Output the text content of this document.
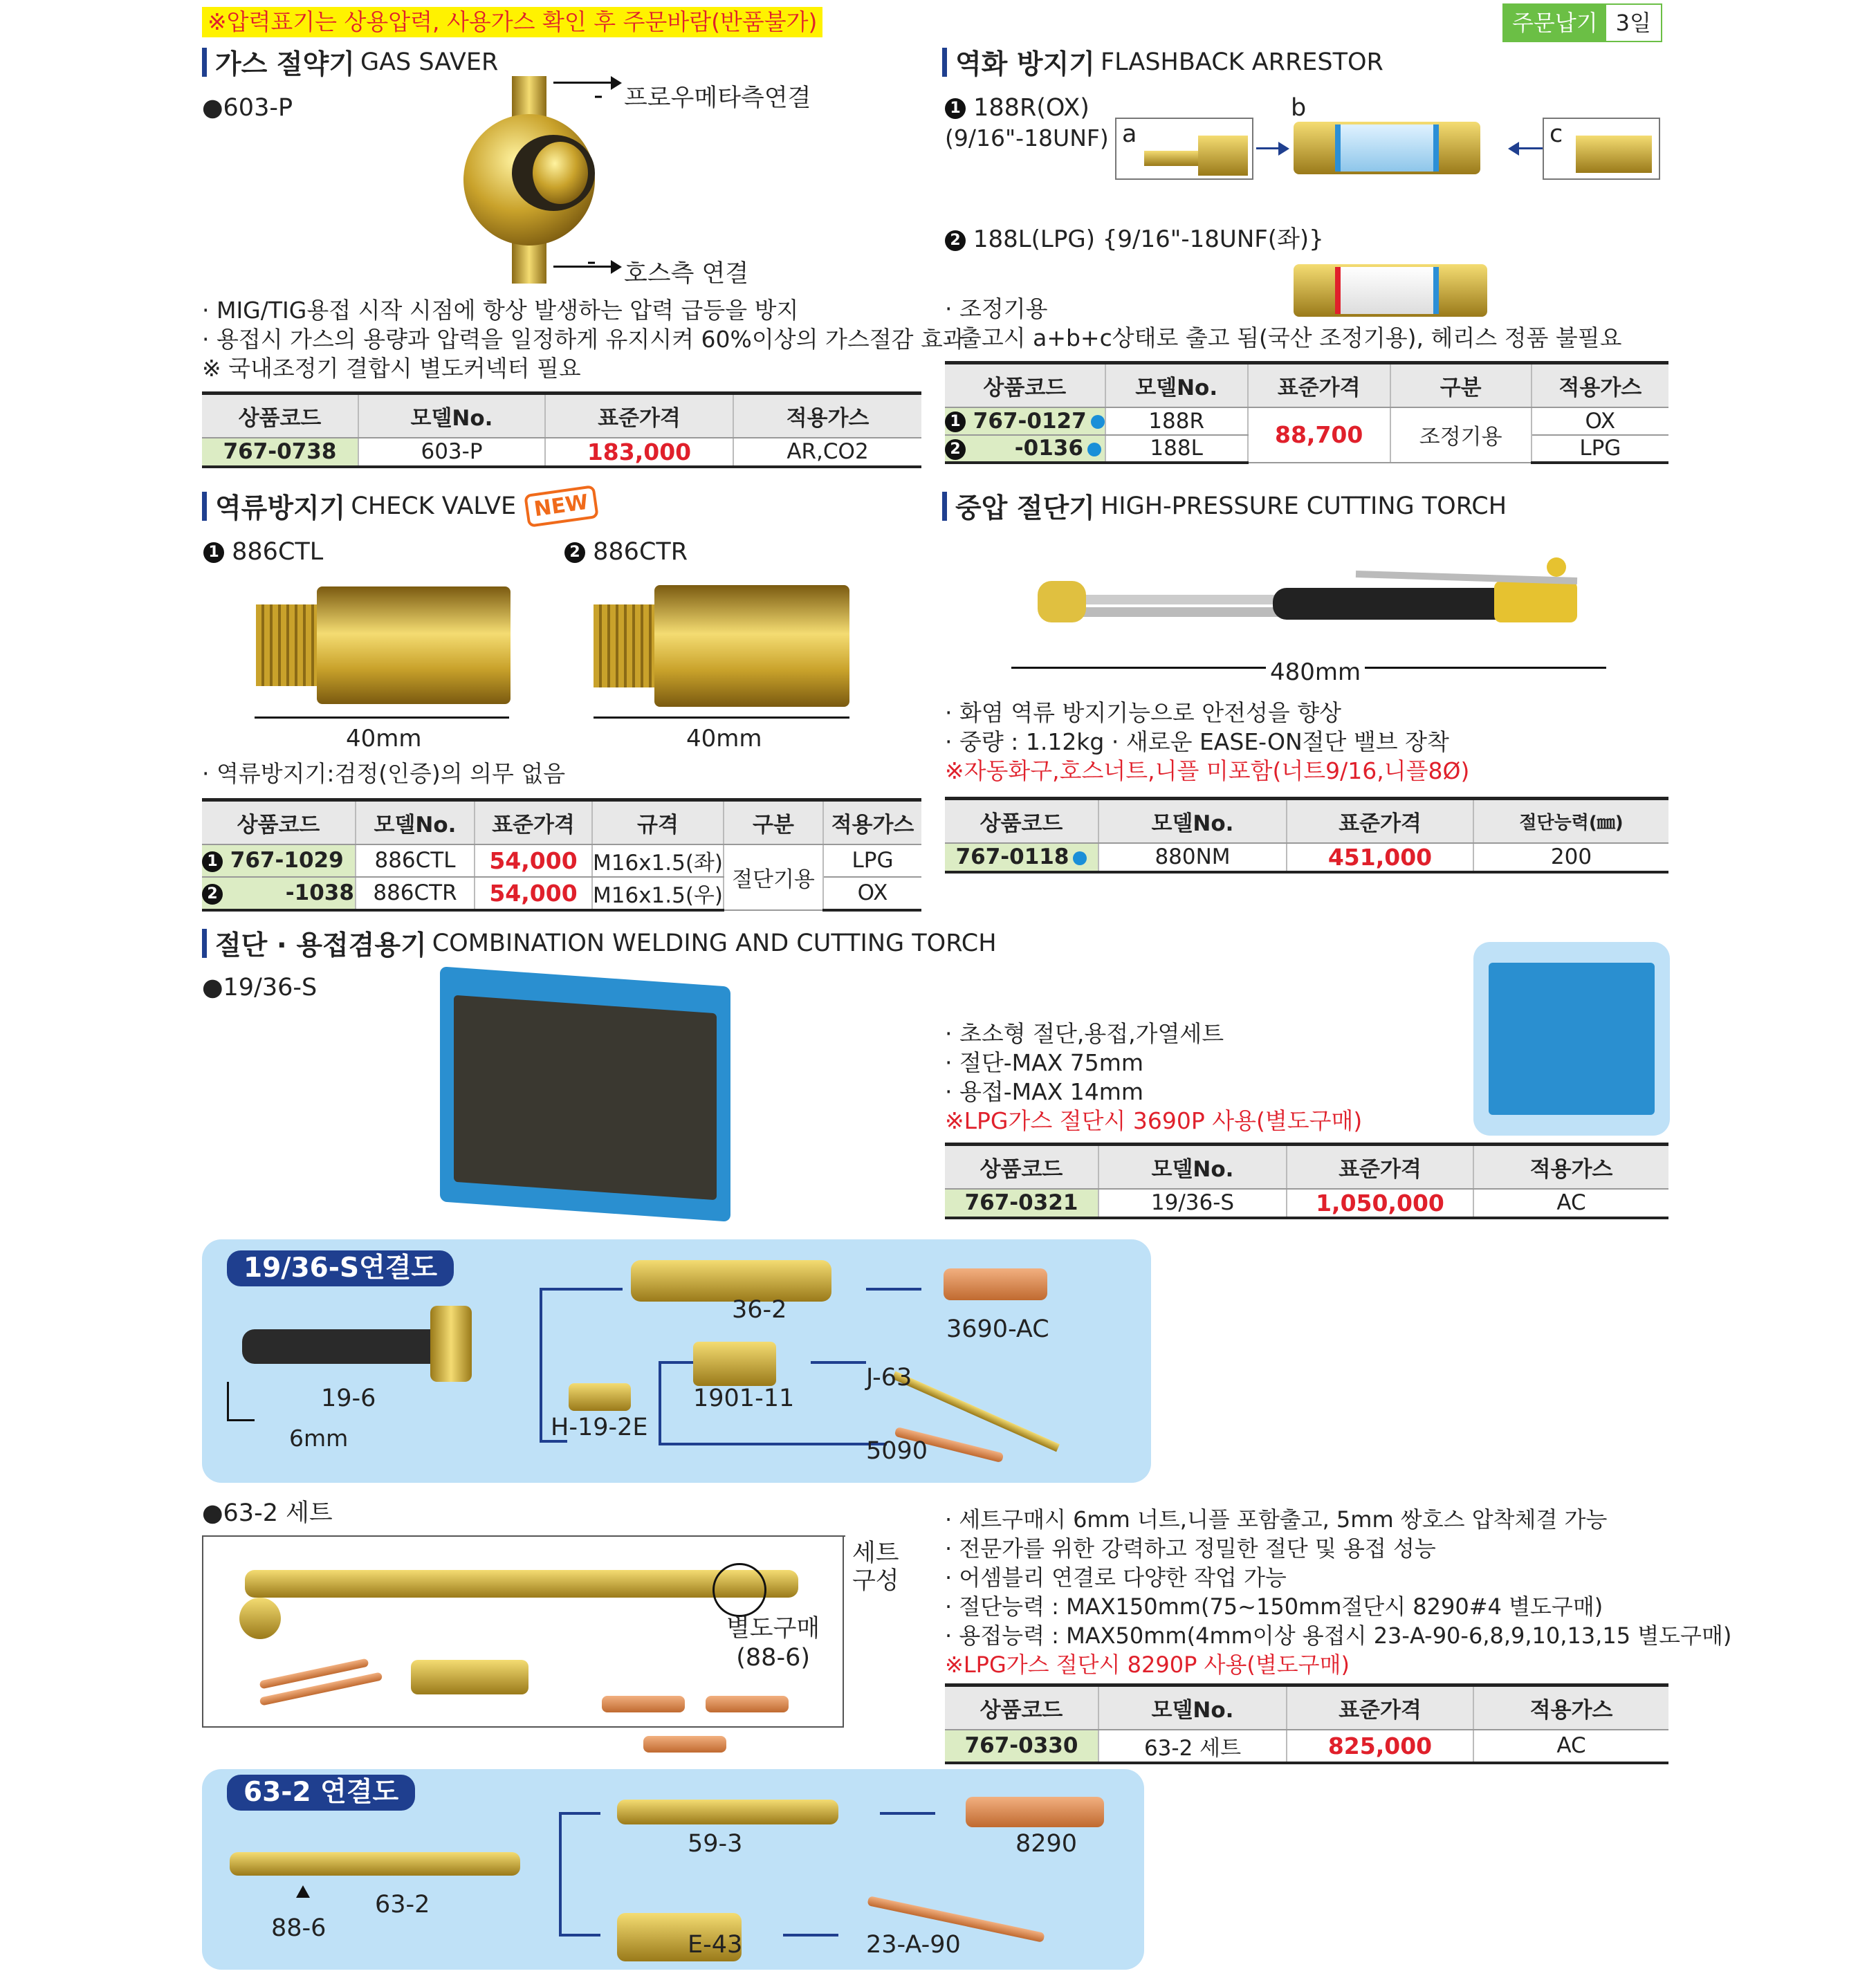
※압력표기는 상용압력, 사용가스 확인 후 주문바람(반품불가)	주문납기 3일
가스 절약기 GAS SAVER
●603-P	프로우메타측연결
호스측 연결
· MIG/TIG용접 시작 시점에 항상 발생하는 압력 급등을 방지
· 용접시 가스의 용량과 압력을 일정하게 유지시켜 60%이상의 가스절감 효과
※ 국내조정기 결합시 별도커넥터 필요
상품코드	모델No.	표준가격	적용가스
767-0738	603-P	183,000	AR,CO2
역화 방지기 FLASHBACK ARRESTOR
1 188R(OX)
(9/16"-18UNF) a
b
c
2 188L(LPG) {9/16"-18UNF(좌)}
· 조정기용
· 출고시 a+b+c상태로 출고 됨(국산 조정기용), 헤리스 정품 불필요
상품코드	모델No.	표준가격	구분	적용가스
1 767-0127	188R	88,700	조정기용	OX
2 -0136	188L			LPG
역류방지기 CHECK VALVE NEW
1 886CTL	2 886CTR
40mm	40mm
· 역류방지기:검정(인증)의 의무 없음
상품코드	모델No.	표준가격	규격	구분	적용가스
1 767-1029	886CTL	54,000	M16x1.5(좌)	절단기용	LPG
2 -1038	886CTR	54,000	M16x1.5(우)		OX
중압 절단기 HIGH-PRESSURE CUTTING TORCH
480mm
· 화염 역류 방지기능으로 안전성을 향상
· 중량 : 1.12kg · 새로운 EASE-ON절단 밸브 장착
※자동화구,호스너트,니플 미포함(너트9/16,니플8Ø)
상품코드	모델No.	표준가격	절단능력(㎜)
767-0118	880NM	451,000	200
절단 · 용접겸용기 COMBINATION WELDING AND CUTTING TORCH
●19/36-S
· 초소형 절단,용접,가열세트
· 절단-MAX 75mm
· 용접-MAX 14mm
※LPG가스 절단시 3690P 사용(별도구매)
상품코드	모델No.	표준가격	적용가스
767-0321	19/36-S	1,050,000	AC
19/36-S연결도
19-6
6mm
36-2
3690-AC
H-19-2E
1901-11
J-63
5090
●63-2 세트
세트
구성
별도구매
(88-6)
· 세트구매시 6mm 너트,니플 포함출고, 5mm 쌍호스 압착체결 가능
· 전문가를 위한 강력하고 정밀한 절단 및 용접 성능
· 어셈블리 연결로 다양한 작업 가능
· 절단능력 : MAX150mm(75~150mm절단시 8290#4 별도구매)
· 용접능력 : MAX50mm(4mm이상 용접시 23-A-90-6,8,9,10,13,15 별도구매)
※LPG가스 절단시 8290P 사용(별도구매)
상품코드	모델No.	표준가격	적용가스
767-0330	63-2 세트	825,000	AC
63-2 연결도
88-6
63-2
59-3	8290
E-43	23-A-90
